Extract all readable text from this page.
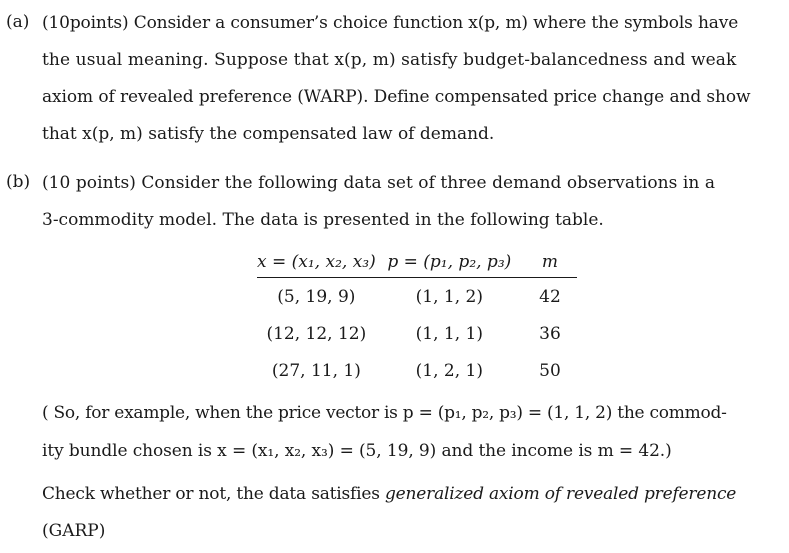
(a) (10points) Consider a consumer’s choice function x(p, m) where the symbols have
the usual meaning. Suppose that x(p, m) satisfy budget-balancedness and weak
axiom of revealed preference (WARP). Define compensated price change and show
that x(p, m) satisfy the compensated law of demand.
(b) (10 points) Consider the following data set of three demand observations in a
3-commodity model. The data is presented in the following table.
x = (x₁, x₂, x₃)	p = (p₁, p₂, p₃)	m
(5, 19, 9)	(1, 1, 2)	42
(12, 12, 12)	(1, 1, 1)	36
(27, 11, 1)	(1, 2, 1)	50
( So, for example, when the price vector is p = (p₁, p₂, p₃) = (1, 1, 2) the commod-
ity bundle chosen is x = (x₁, x₂, x₃) = (5, 19, 9) and the income is m = 42.)
Check whether or not, the data satisfies generalized axiom of revealed preference
(GARP)
